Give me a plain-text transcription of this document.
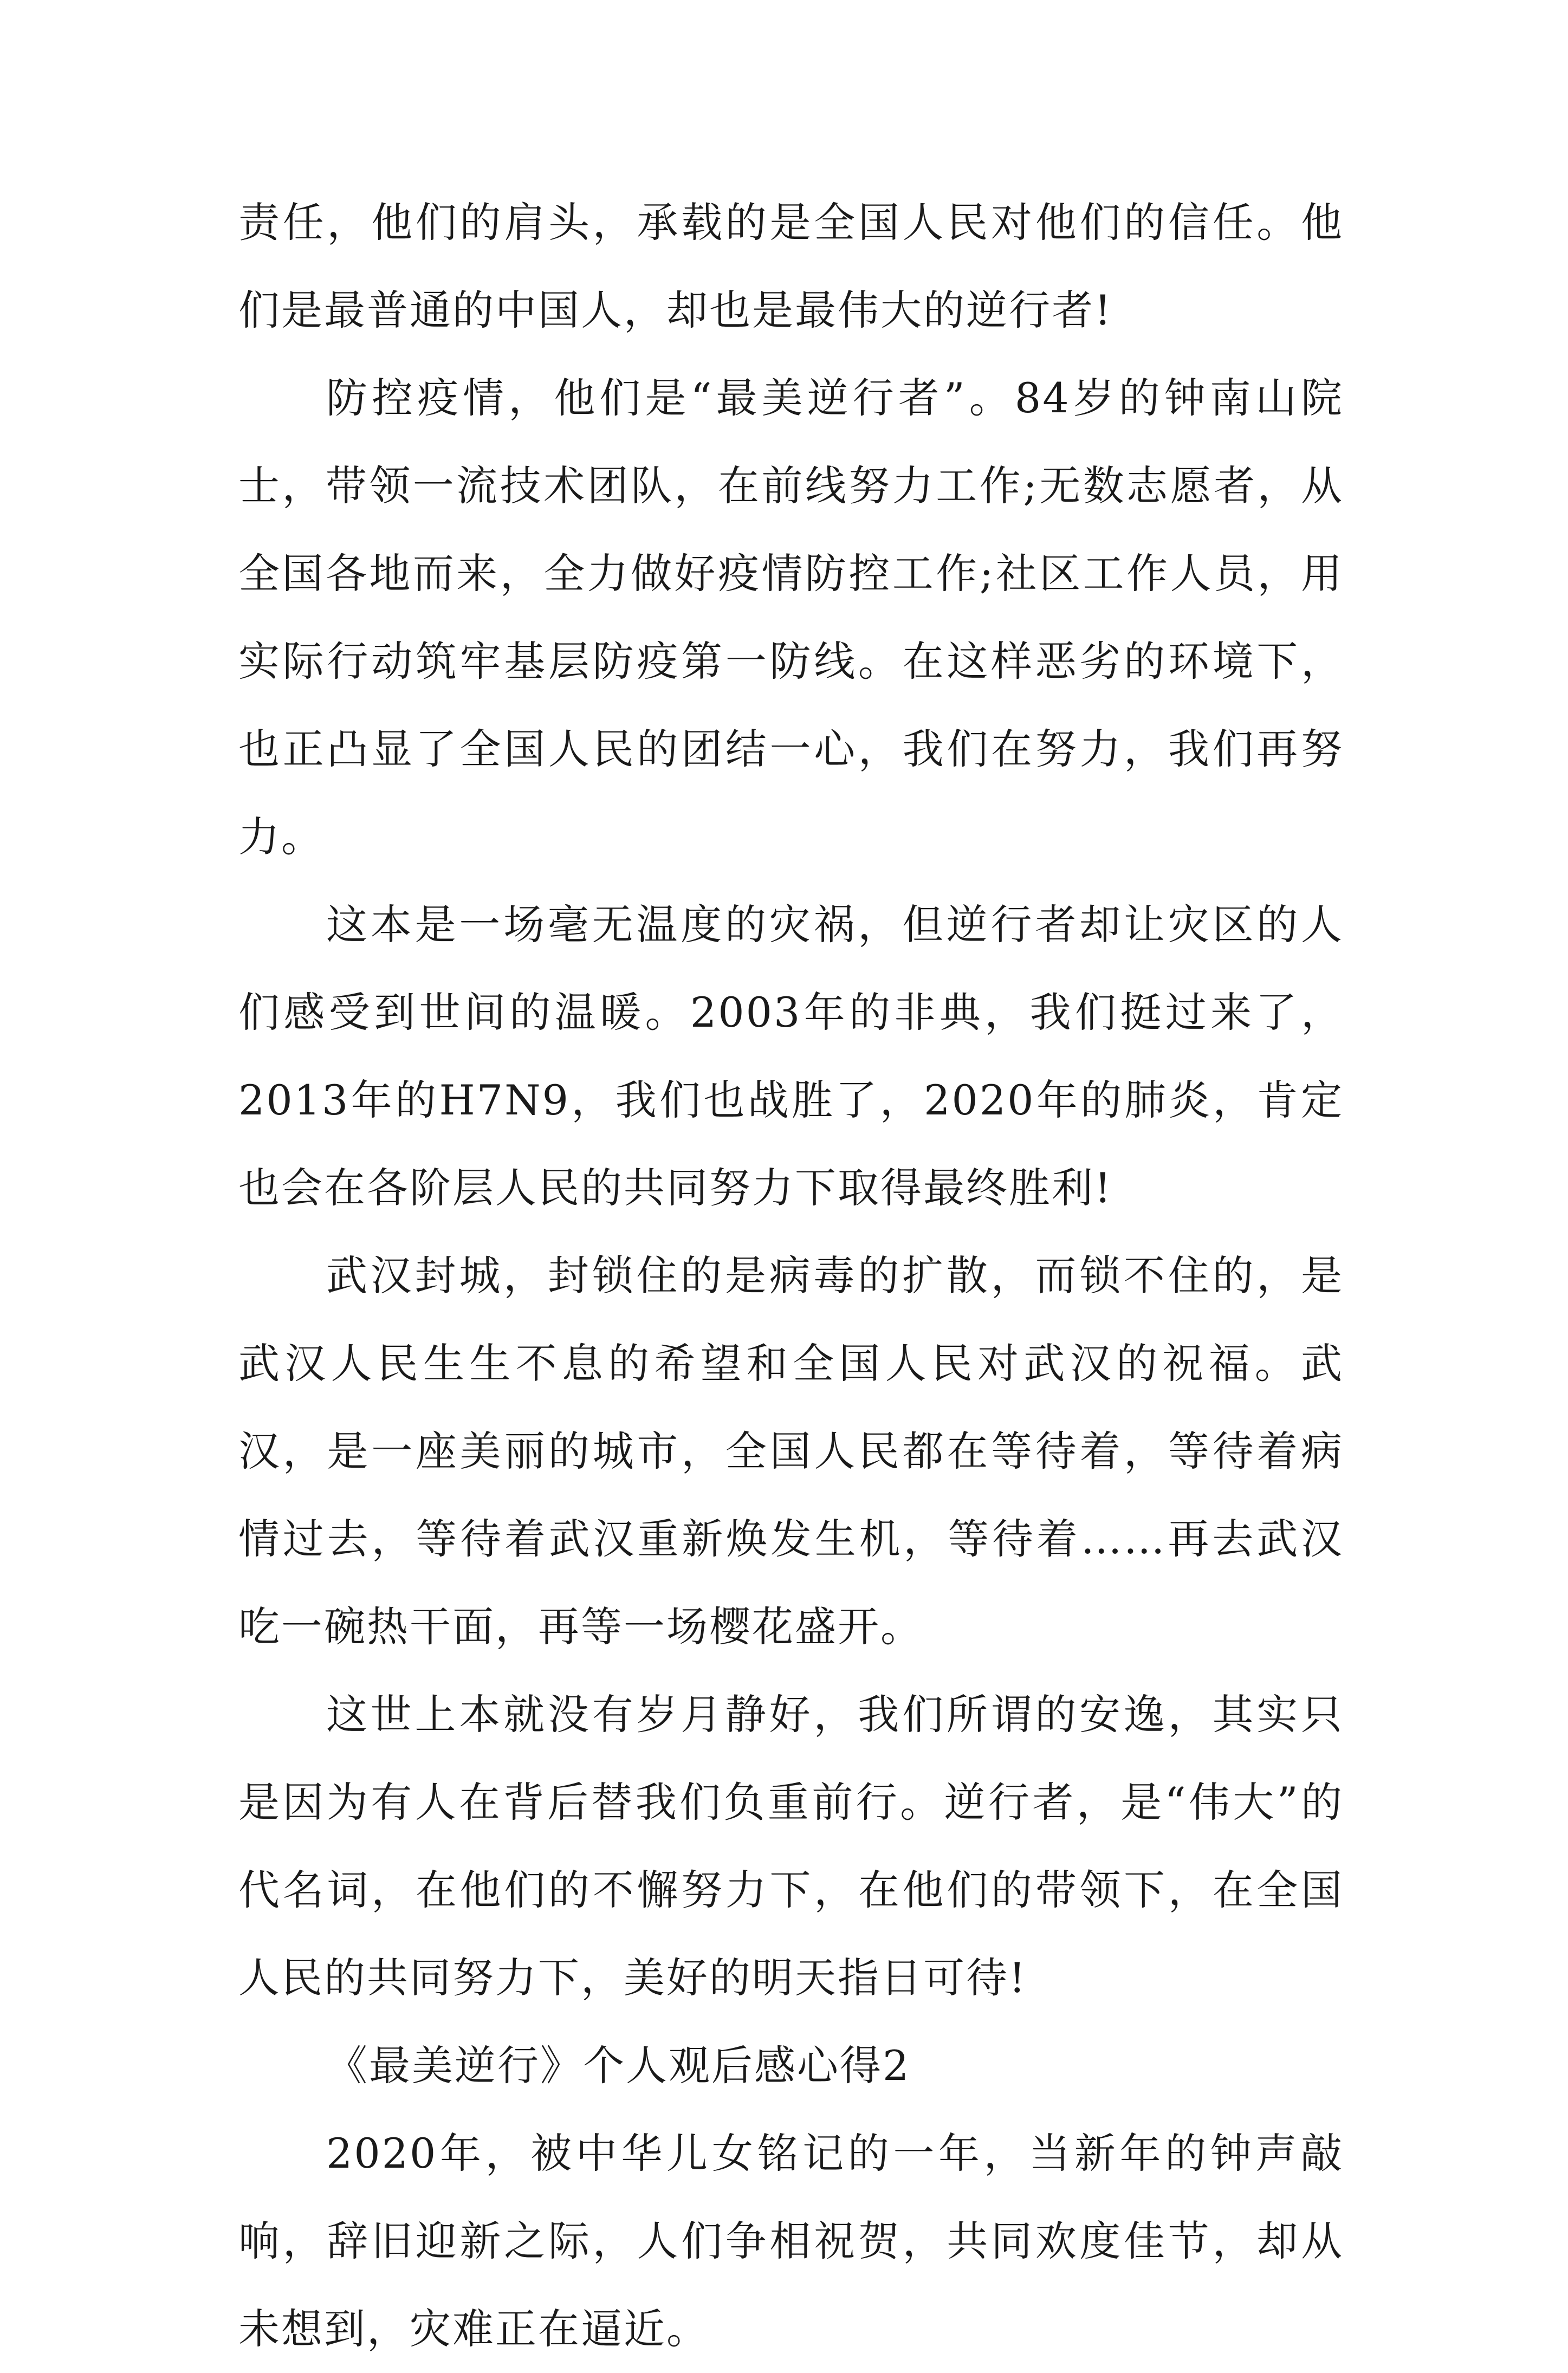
责任，他们的肩头，承载的是全国人民对他们的信任。他们是最普通的中国人，却也是最伟大的逆行者!

防控疫情，他们是“最美逆行者”。84岁的钟南山院士，带领一流技术团队，在前线努力工作;无数志愿者，从全国各地而来，全力做好疫情防控工作;社区工作人员，用实际行动筑牢基层防疫第一防线。在这样恶劣的环境下，也正凸显了全国人民的团结一心，我们在努力，我们再努力。

这本是一场毫无温度的灾祸，但逆行者却让灾区的人们感受到世间的温暖。2003年的非典，我们挺过来了，2013年的H7N9，我们也战胜了，2020年的肺炎，肯定也会在各阶层人民的共同努力下取得最终胜利!

武汉封城，封锁住的是病毒的扩散，而锁不住的，是武汉人民生生不息的希望和全国人民对武汉的祝福。武汉，是一座美丽的城市，全国人民都在等待着，等待着病情过去，等待着武汉重新焕发生机，等待着……再去武汉吃一碗热干面，再等一场樱花盛开。

这世上本就没有岁月静好，我们所谓的安逸，其实只是因为有人在背后替我们负重前行。逆行者，是“伟大”的代名词，在他们的不懈努力下，在他们的带领下，在全国人民的共同努力下，美好的明天指日可待!

《最美逆行》个人观后感心得2

2020年，被中华儿女铭记的一年，当新年的钟声敲响，辞旧迎新之际，人们争相祝贺，共同欢度佳节，却从未想到，灾难正在逼近。
